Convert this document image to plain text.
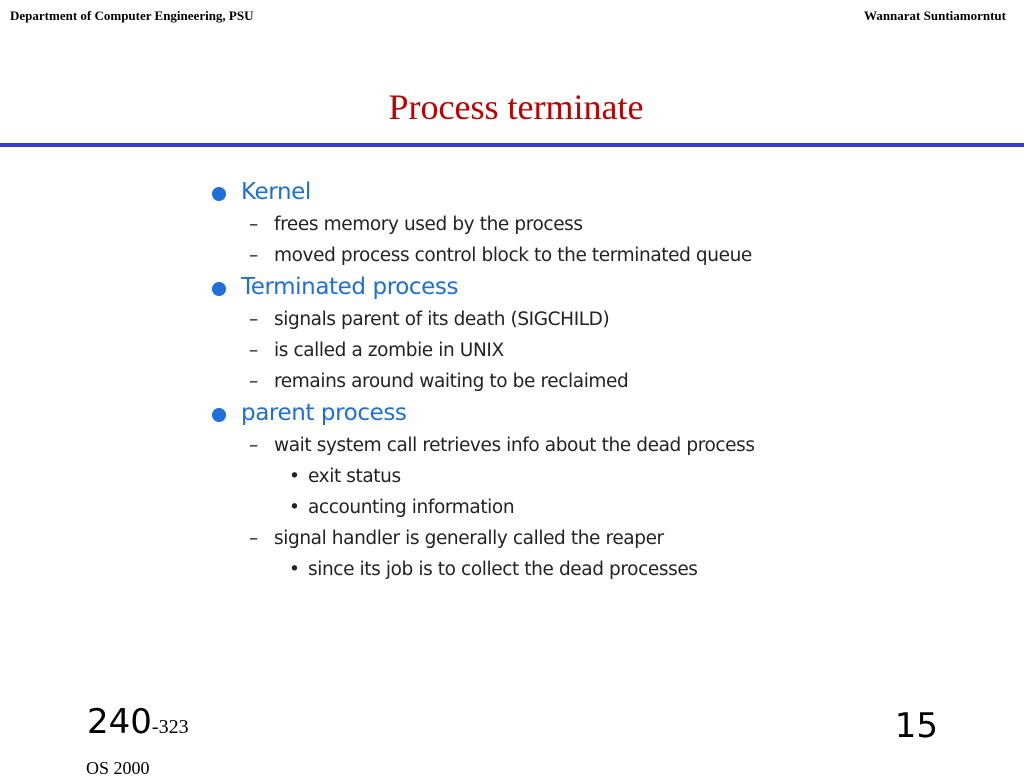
Department of Computer Engineering, PSU	Wannarat Suntiamorntut
Process terminate
Kernel
– frees memory used by the process
– moved process control block to the terminated queue
Terminated process
– signals parent of its death (SIGCHILD)
– is called a zombie in UNIX
– remains around waiting to be reclaimed
parent process
– wait system call retrieves info about the dead process
• exit status
• accounting information
– signal handler is generally called the reaper
• since its job is to collect the dead processes
240-323
OS 2000
15
